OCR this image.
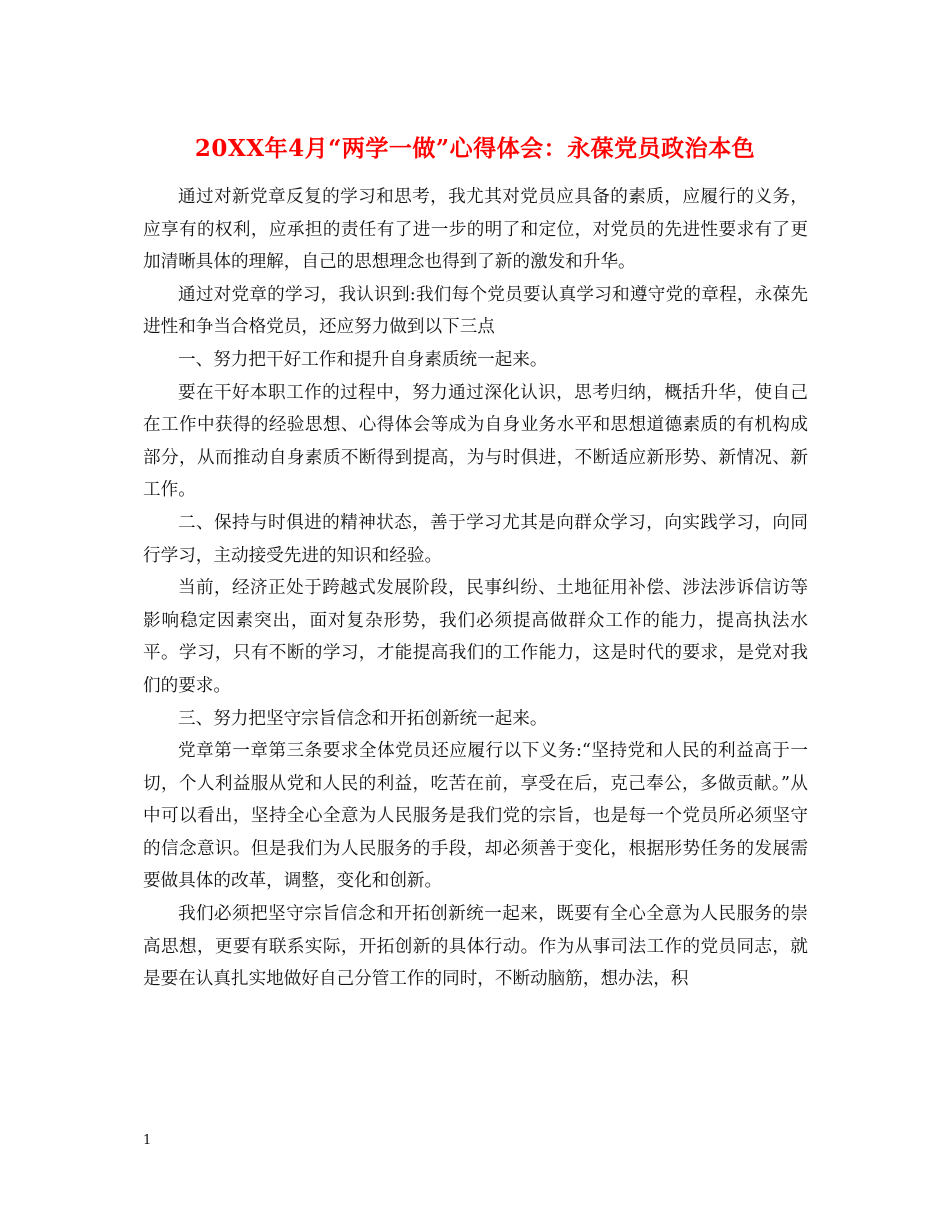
20XX年4月“两学一做”心得体会：永葆党员政治本色

通过对新党章反复的学习和思考，我尤其对党员应具备的素质，应履行的义务，应享有的权利，应承担的责任有了进一步的明了和定位，对党员的先进性要求有了更加清晰具体的理解，自己的思想理念也得到了新的激发和升华。

通过对党章的学习，我认识到:我们每个党员要认真学习和遵守党的章程，永葆先进性和争当合格党员，还应努力做到以下三点

一、努力把干好工作和提升自身素质统一起来。

要在干好本职工作的过程中，努力通过深化认识，思考归纳，概括升华，使自己在工作中获得的经验思想、心得体会等成为自身业务水平和思想道德素质的有机构成部分，从而推动自身素质不断得到提高，为与时俱进，不断适应新形势、新情况、新工作。

二、保持与时俱进的精神状态，善于学习尤其是向群众学习，向实践学习，向同行学习，主动接受先进的知识和经验。

当前，经济正处于跨越式发展阶段，民事纠纷、土地征用补偿、涉法涉诉信访等影响稳定因素突出，面对复杂形势，我们必须提高做群众工作的能力，提高执法水平。学习，只有不断的学习，才能提高我们的工作能力，这是时代的要求，是党对我们的要求。

三、努力把坚守宗旨信念和开拓创新统一起来。

党章第一章第三条要求全体党员还应履行以下义务:“坚持党和人民的利益高于一切，个人利益服从党和人民的利益，吃苦在前，享受在后，克己奉公，多做贡献。”从中可以看出，坚持全心全意为人民服务是我们党的宗旨，也是每一个党员所必须坚守的信念意识。但是我们为人民服务的手段，却必须善于变化，根据形势任务的发展需要做具体的改革，调整，变化和创新。

我们必须把坚守宗旨信念和开拓创新统一起来，既要有全心全意为人民服务的崇高思想，更要有联系实际，开拓创新的具体行动。作为从事司法工作的党员同志，就是要在认真扎实地做好自己分管工作的同时，不断动脑筋，想办法，积

1
